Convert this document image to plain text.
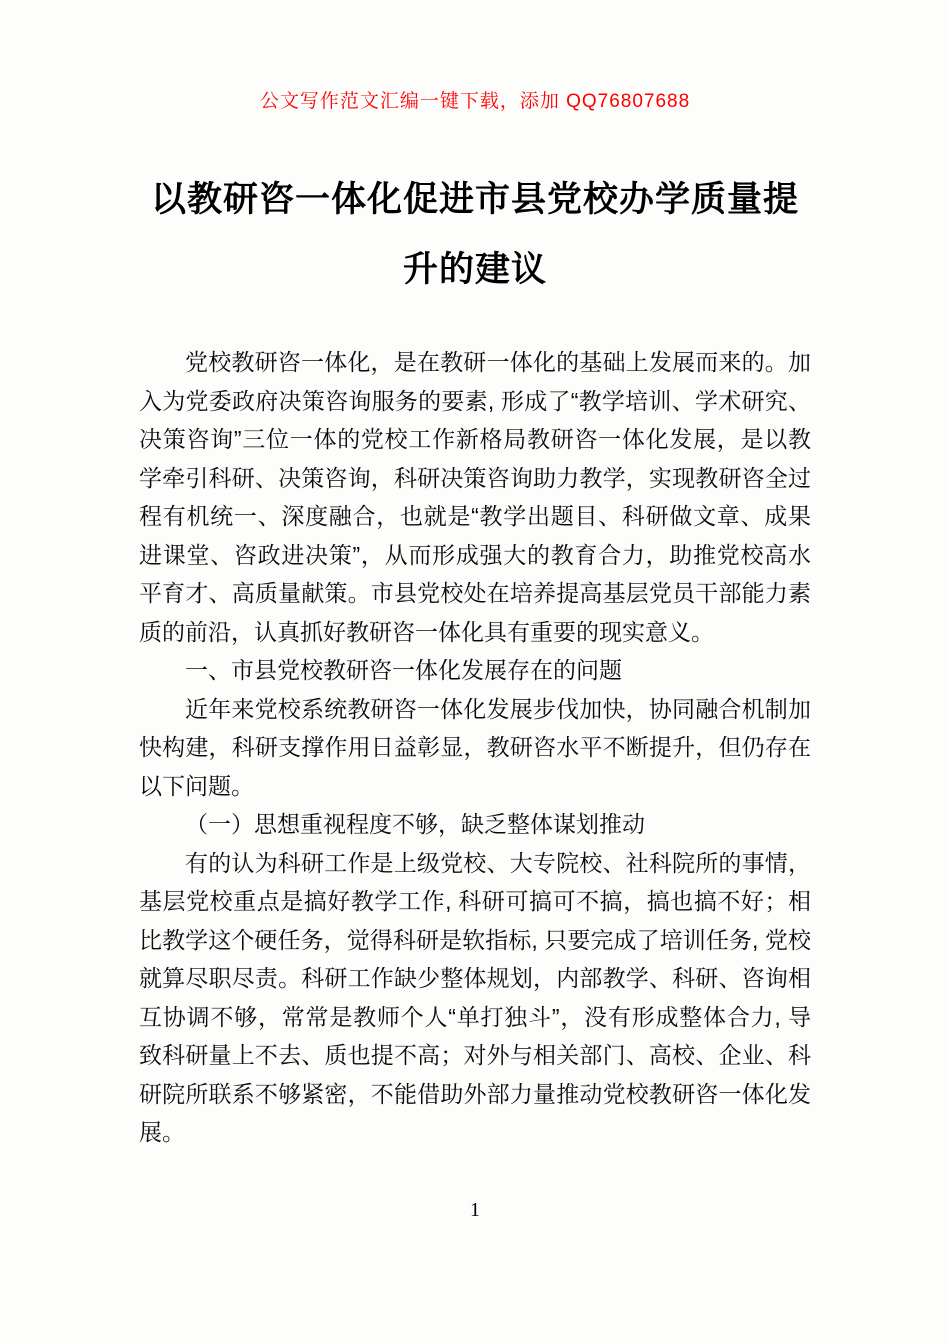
公文写作范文汇编一键下载，添加 QQ76807688
以教研咨一体化促进市县党校办学质量提
升的建议

党校教研咨一体化，是在教研一体化的基础上发展而来的。加入为党委政府决策咨询服务的要素, 形成了“教学培训、学术研究、决策咨询”三位一体的党校工作新格局教研咨一体化发展，是以教学牵引科研、决策咨询，科研决策咨询助力教学，实现教研咨全过程有机统一、深度融合，也就是“教学出题目、科研做文章、成果进课堂、咨政进决策”，从而形成强大的教育合力，助推党校高水平育才、高质量献策。市县党校处在培养提高基层党员干部能力素质的前沿，认真抓好教研咨一体化具有重要的现实意义。

一、市县党校教研咨一体化发展存在的问题

近年来党校系统教研咨一体化发展步伐加快，协同融合机制加快构建，科研支撑作用日益彰显，教研咨水平不断提升，但仍存在以下问题。

（一）思想重视程度不够，缺乏整体谋划推动

有的认为科研工作是上级党校、大专院校、社科院所的事情，基层党校重点是搞好教学工作, 科研可搞可不搞，搞也搞不好；相比教学这个硬任务，觉得科研是软指标, 只要完成了培训任务, 党校就算尽职尽责。科研工作缺少整体规划，内部教学、科研、咨询相互协调不够，常常是教师个人“单打独斗”，没有形成整体合力, 导致科研量上不去、质也提不高；对外与相关部门、高校、企业、科研院所联系不够紧密，不能借助外部力量推动党校教研咨一体化发展。

1
